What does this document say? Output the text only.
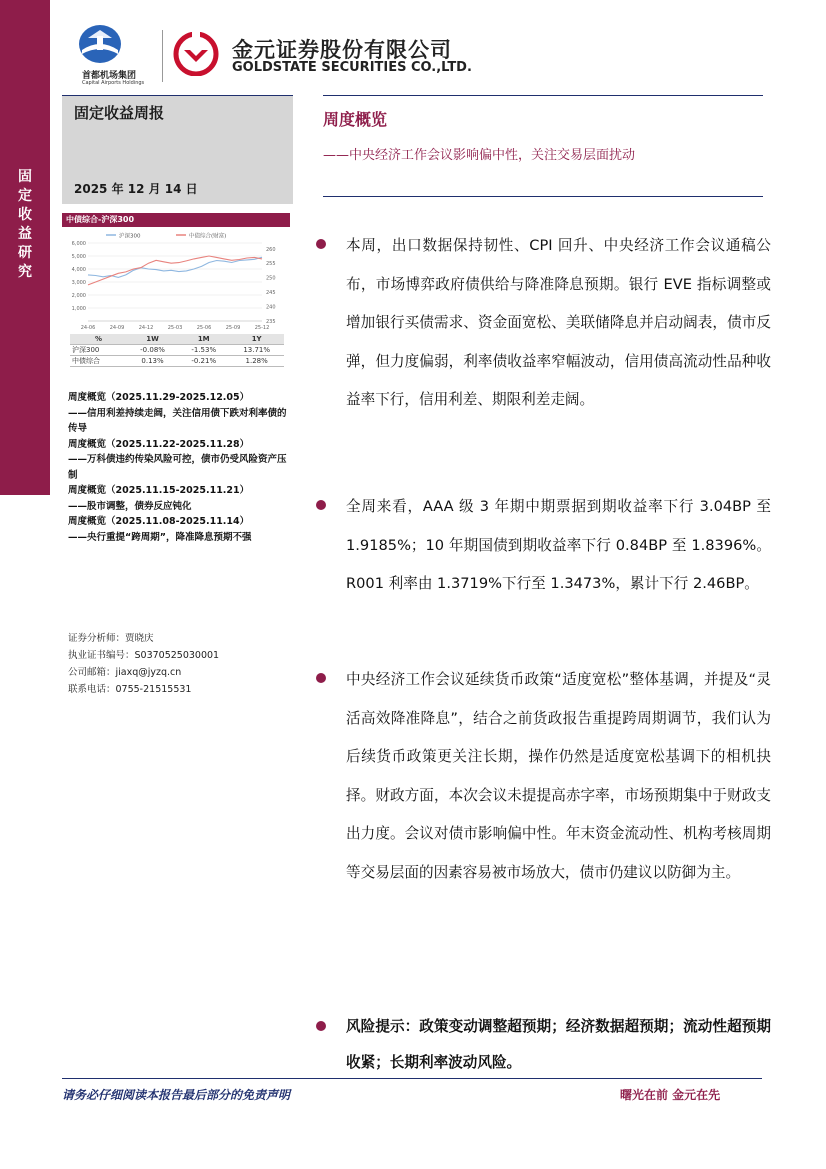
固定收益研究
首都机场集团
Capital Airports Holdings
金元证券股份有限公司
GOLDSTATE SECURITIES CO.,LTD.
固定收益周报
2025 年 12 月 14 日
周度概览
——中央经济工作会议影响偏中性，关注交易层面扰动
中债综合-沪深300
沪深300	中债综合(财富)
1,000
2,000
3,000
4,000
5,000
6,000
235
240
245
250
255
260
24-06	24-09	24-12	25-03	25-06	25-09	25-12
%	1W	1M	1Y
沪深300	-0.08%	-1.53%	13.71%
中债综合	0.13%	-0.21%	1.28%
周度概览（2025.11.29-2025.12.05）
——信用利差持续走阔，关注信用债下跌对利率债的传导
周度概览（2025.11.22-2025.11.28）
——万科债违约传染风险可控，债市仍受风险资产压制
周度概览（2025.11.15-2025.11.21）
——股市调整，债券反应钝化
周度概览（2025.11.08-2025.11.14）
——央行重提“跨周期”，降准降息预期不强
证券分析师：贾晓庆
执业证书编号：S0370525030001
公司邮箱：jiaxq@jyzq.cn
联系电话：0755-21515531
本周，出口数据保持韧性、CPI 回升、中央经济工作会议通稿公布，市场博弈政府债供给与降准降息预期。银行 EVE 指标调整或增加银行买债需求、资金面宽松、美联储降息并启动阔表，债市反弹，但力度偏弱，利率债收益率窄幅波动，信用债高流动性品种收益率下行，信用利差、期限利差走阔。
全周来看，AAA 级 3 年期中期票据到期收益率下行 3.04BP 至 1.9185%；10 年期国债到期收益率下行 0.84BP 至 1.8396%。R001 利率由 1.3719%下行至 1.3473%，累计下行 2.46BP。
中央经济工作会议延续货币政策“适度宽松”整体基调，并提及“灵活高效降准降息”，结合之前货政报告重提跨周期调节，我们认为后续货币政策更关注长期，操作仍然是适度宽松基调下的相机抉择。财政方面，本次会议未提提高赤字率，市场预期集中于财政支出力度。会议对债市影响偏中性。年末资金流动性、机构考核周期等交易层面的因素容易被市场放大，债市仍建议以防御为主。
风险提示：政策变动调整超预期；经济数据超预期；流动性超预期收紧；长期利率波动风险。
请务必仔细阅读本报告最后部分的免责声明	曙光在前 金元在先
